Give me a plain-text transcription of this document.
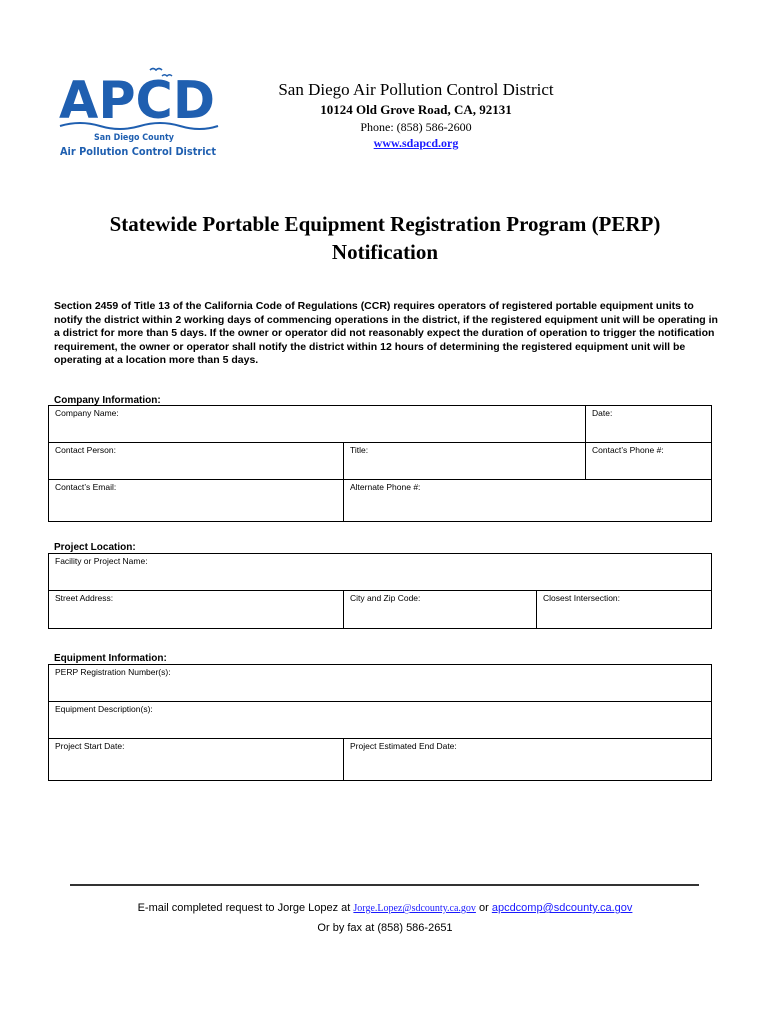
APCD
San Diego County
Air Pollution Control District
San Diego Air Pollution Control District
10124 Old Grove Road, CA, 92131
Phone: (858) 586-2600
www.sdapcd.org
Statewide Portable Equipment Registration Program (PERP)
Notification
Section 2459 of Title 13 of the California Code of Regulations (CCR) requires operators of registered portable equipment units to notify the district within 2 working days of commencing operations in the district, if the registered equipment unit will be operating in a district for more than 5 days. If the owner or operator did not reasonably expect the duration of operation to trigger the notification requirement, the owner or operator shall notify the district within 12 hours of determining the registered equipment unit will be operating at a location more than 5 days.
Company Information:
Company Name:	Date:
Contact Person:	Title:	Contact’s Phone #:
Contact’s Email:	Alternate Phone #:
Project Location:
Facility or Project Name:
Street Address:	City and Zip Code:	Closest Intersection:
Equipment Information:
PERP Registration Number(s):
Equipment Description(s):
Project Start Date:	Project Estimated End Date:
E-mail completed request to Jorge Lopez at Jorge.Lopez@sdcounty.ca.gov or apcdcomp@sdcounty.ca.gov
Or by fax at (858) 586-2651
